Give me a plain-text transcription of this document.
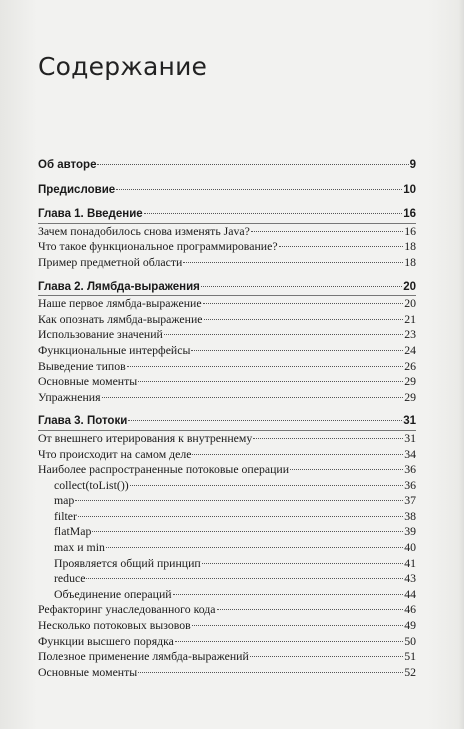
Содержание
Об авторе	9
Предисловие	10
Глава 1. Введение	16
Зачем понадобилось снова изменять Java?	16
Что такое функциональное программирование?	18
Пример предметной области	18
Глава 2. Лямбда-выражения	20
Наше первое лямбда-выражение	20
Как опознать лямбда-выражение	21
Использование значений	23
Функциональные интерфейсы	24
Выведение типов	26
Основные моменты	29
Упражнения	29
Глава 3. Потоки	31
От внешнего итерирования к внутреннему	31
Что происходит на самом деле	34
Наиболее распространенные потоковые операции	36
collect(toList())	36
map	37
filter	38
flatMap	39
max и min	40
Проявляется общий принцип	41
reduce	43
Объединение операций	44
Рефакторинг унаследованного кода	46
Несколько потоковых вызовов	49
Функции высшего порядка	50
Полезное применение лямбда-выражений	51
Основные моменты	52
